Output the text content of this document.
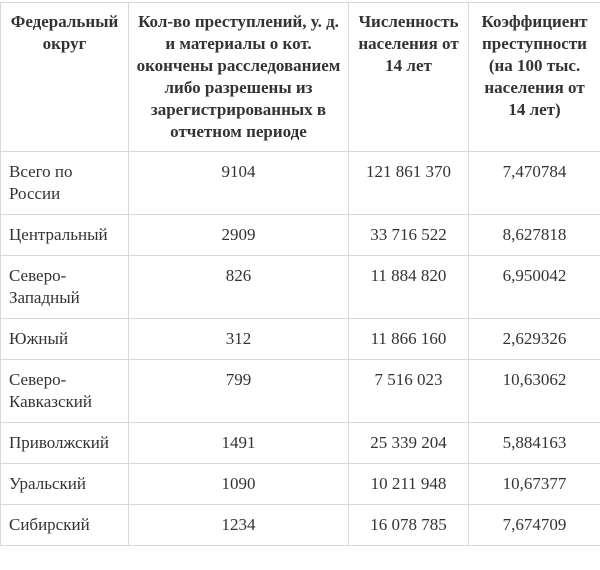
Федеральный округ	Кол-во преступлений, у. д. и материалы о кот. окончены расследованием либо разрешены из зарегистрированных в отчетном периоде	Численность населения от 14 лет	Коэффициент преступности (на 100 тыс. населения от 14 лет)
Всего по России	9104	121 861 370	7,470784
Центральный	2909	33 716 522	8,627818
Северо-Западный	826	11 884 820	6,950042
Южный	312	11 866 160	2,629326
Северо-Кавказский	799	7 516 023	10,63062
Приволжский	1491	25 339 204	5,884163
Уральский	1090	10 211 948	10,67377
Сибирский	1234	16 078 785	7,674709
